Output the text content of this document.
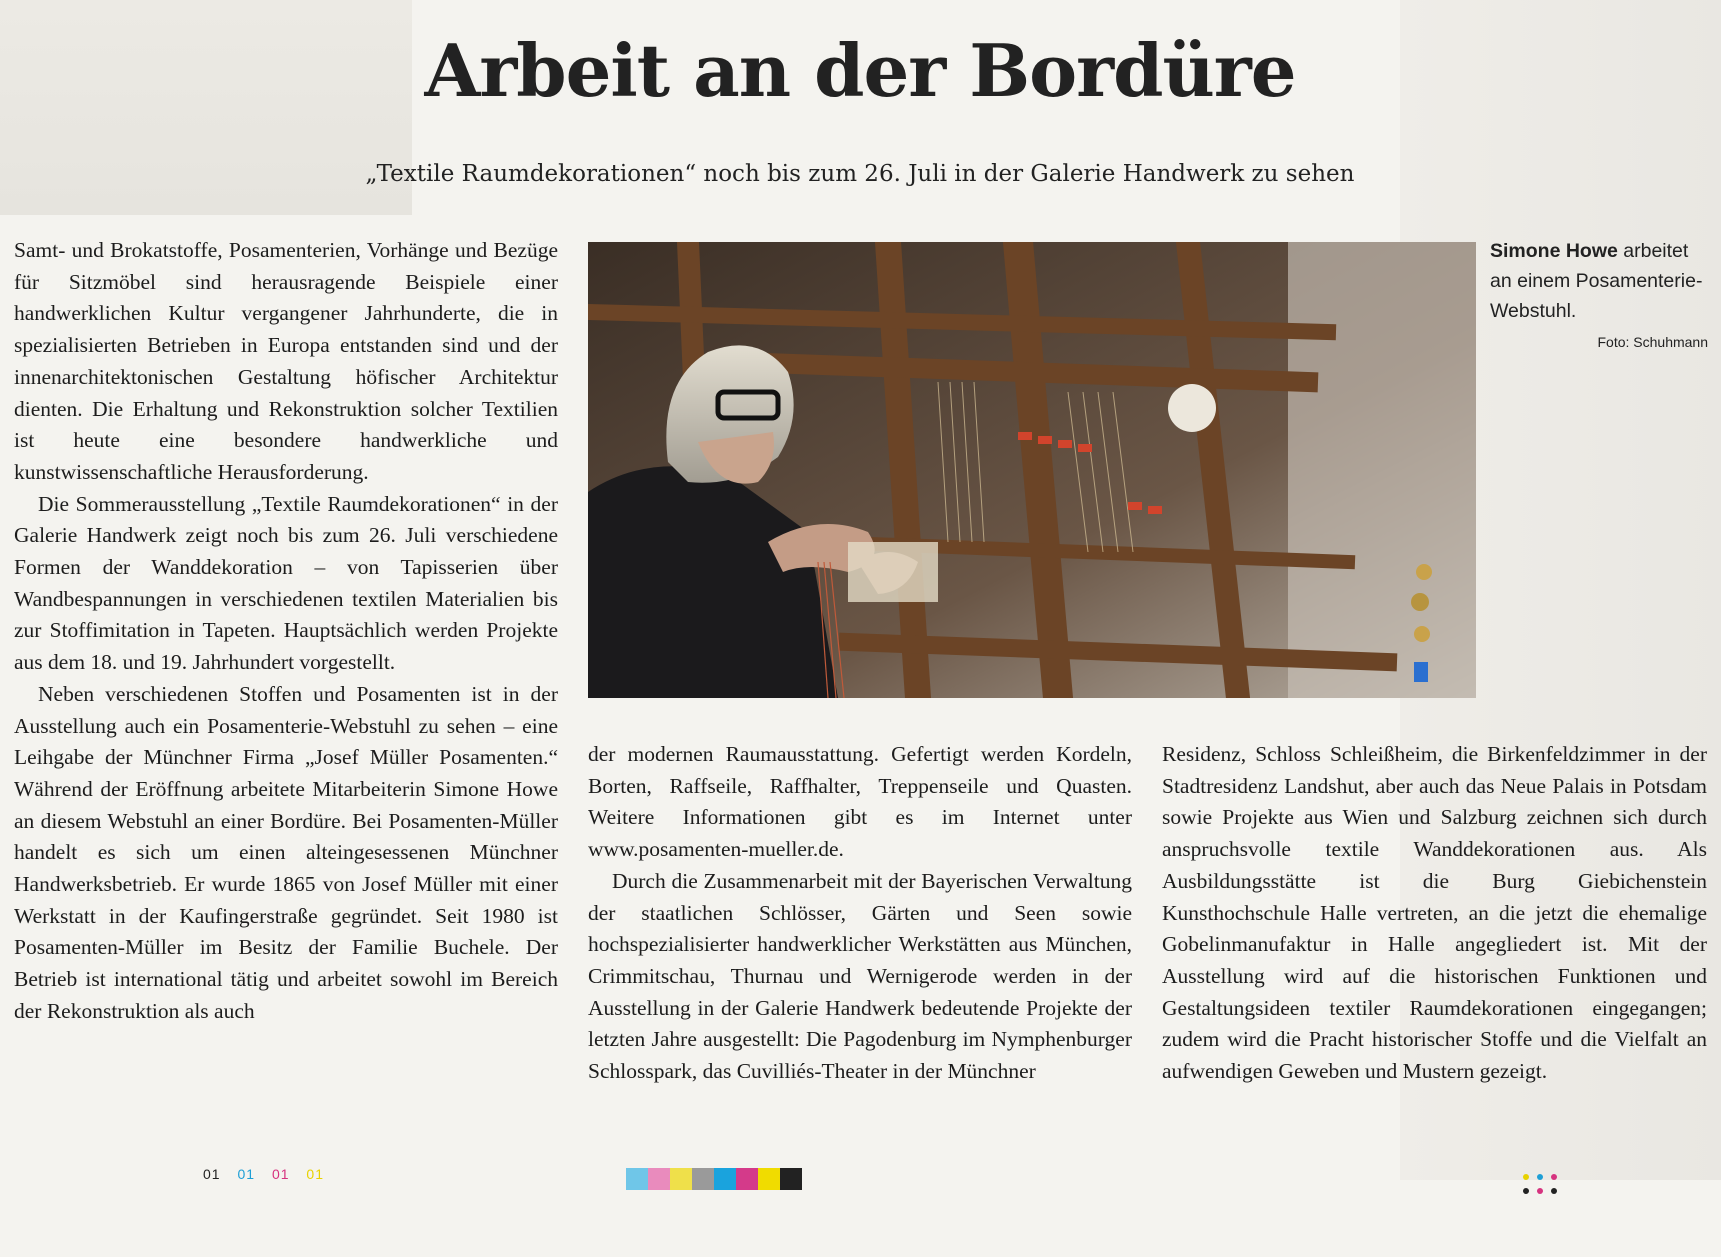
Arbeit an der Bordüre
„Textile Raumdekorationen“ noch bis zum 26. Juli in der Galerie Handwerk zu sehen

Samt- und Brokatstoffe, Posamenterien, Vorhänge und Bezüge für Sitzmöbel sind herausragende Beispiele einer handwerklichen Kultur vergangener Jahrhunderte, die in spezialisierten Betrieben in Europa entstanden sind und der innenarchitektonischen Gestaltung höfischer Architektur dienten. Die Erhaltung und Rekonstruktion solcher Textilien ist heute eine besondere handwerkliche und kunstwissenschaftliche Herausforderung.

Die Sommerausstellung „Textile Raumdekorationen“ in der Galerie Handwerk zeigt noch bis zum 26. Juli verschiedene Formen der Wanddekoration – von Tapisserien über Wandbespannungen in verschiedenen textilen Materialien bis zur Stoffimitation in Tapeten. Hauptsächlich werden Projekte aus dem 18. und 19. Jahrhundert vorgestellt.

Neben verschiedenen Stoffen und Posamenten ist in der Ausstellung auch ein Posamenterie-Webstuhl zu sehen – eine Leihgabe der Münchner Firma „Josef Müller Posamenten.“ Während der Eröffnung arbeitete Mitarbeiterin Simone Howe an diesem Webstuhl an einer Bordüre. Bei Posamenten-Müller handelt es sich um einen alteingesessenen Münchner Handwerksbetrieb. Er wurde 1865 von Josef Müller mit einer Werkstatt in der Kaufingerstraße gegründet. Seit 1980 ist Posamenten-Müller im Besitz der Familie Buchele. Der Betrieb ist international tätig und arbeitet sowohl im Bereich der Rekonstruktion als auch

Simone Howe arbeitet an einem Posamenterie-Webstuhl.
Foto: Schuhmann

der modernen Raumausstattung. Gefertigt werden Kordeln, Borten, Raffseile, Raffhalter, Treppenseile und Quasten. Weitere Informationen gibt es im Internet unter www.posamenten-mueller.de.

Durch die Zusammenarbeit mit der Bayerischen Verwaltung der staatlichen Schlösser, Gärten und Seen sowie hochspezialisierter handwerklicher Werkstätten aus München, Crimmitschau, Thurnau und Wernigerode werden in der Ausstellung in der Galerie Handwerk bedeutende Projekte der letzten Jahre ausgestellt: Die Pagodenburg im Nymphenburger Schlosspark, das Cuvilliés-Theater in der Münchner

Residenz, Schloss Schleißheim, die Birkenfeldzimmer in der Stadtresidenz Landshut, aber auch das Neue Palais in Potsdam sowie Projekte aus Wien und Salzburg zeichnen sich durch anspruchsvolle textile Wanddekorationen aus. Als Ausbildungsstätte ist die Burg Giebichenstein Kunsthochschule Halle vertreten, an die jetzt die ehemalige Gobelinmanufaktur in Halle angegliedert ist. Mit der Ausstellung wird auf die historischen Funktionen und Gestaltungsideen textiler Raumdekorationen eingegangen; zudem wird die Pracht historischer Stoffe und die Vielfalt an aufwendigen Geweben und Mustern gezeigt.

01 01 01 01
